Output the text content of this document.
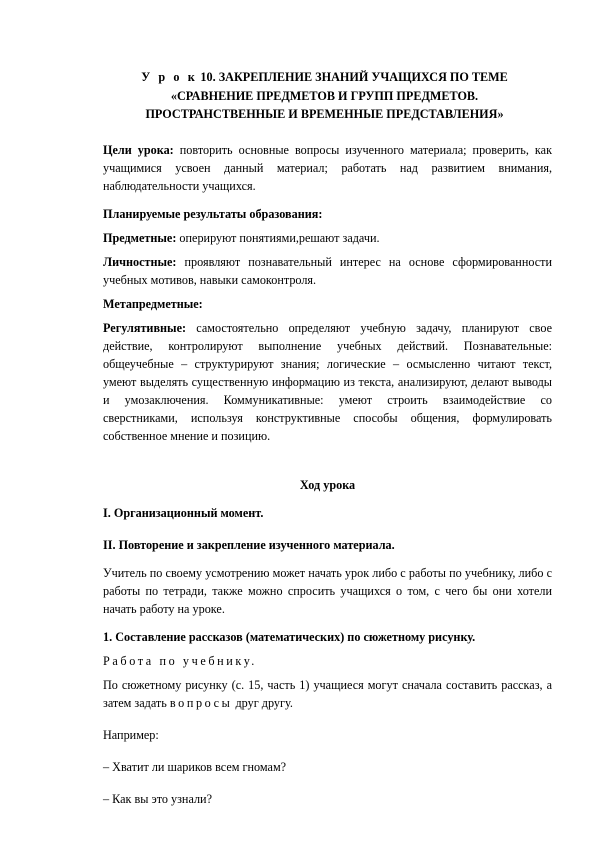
У р о к 10. ЗАКРЕПЛЕНИЕ ЗНАНИЙ УЧАЩИХСЯ ПО ТЕМЕ
«СРАВНЕНИЕ ПРЕДМЕТОВ И ГРУПП ПРЕДМЕТОВ.
ПРОСТРАНСТВЕННЫЕ И ВРЕМЕННЫЕ ПРЕДСТАВЛЕНИЯ»

Цели урока: повторить основные вопросы изученного материала; проверить, как учащимися усвоен данный материал; работать над развитием внимания, наблюдательности учащихся.

Планируемые результаты образования:

Предметные: оперируют понятиями,решают задачи.

Личностные: проявляют познавательный интерес на основе сформированности учебных мотивов, навыки самоконтроля.

Метапредметные:

Регулятивные: самостоятельно определяют учебную задачу, планируют свое действие, контролируют выполнение учебных действий. Познавательные: общеучебные – структурируют знания; логические – осмысленно читают текст, умеют выделять существенную информацию из текста, анализируют, делают выводы и умозаключения. Коммуникативные: умеют строить взаимодействие со сверстниками, используя конструктивные способы общения, формулировать собственное мнение и позицию.

Ход урока

I. Организационный момент.

II. Повторение и закрепление изученного материала.

Учитель по своему усмотрению может начать урок либо с работы по учебнику, либо с работы по тетради, также можно спросить учащихся о том, с чего бы они хотели начать работу на уроке.

1. Составление рассказов (математических) по сюжетному рисунку.

Работа по учебнику.

По сюжетному рисунку (с. 15, часть 1) учащиеся могут сначала составить рассказ, а затем задать вопросы друг другу.

Например:

– Хватит ли шариков всем гномам?

– Как вы это узнали?
